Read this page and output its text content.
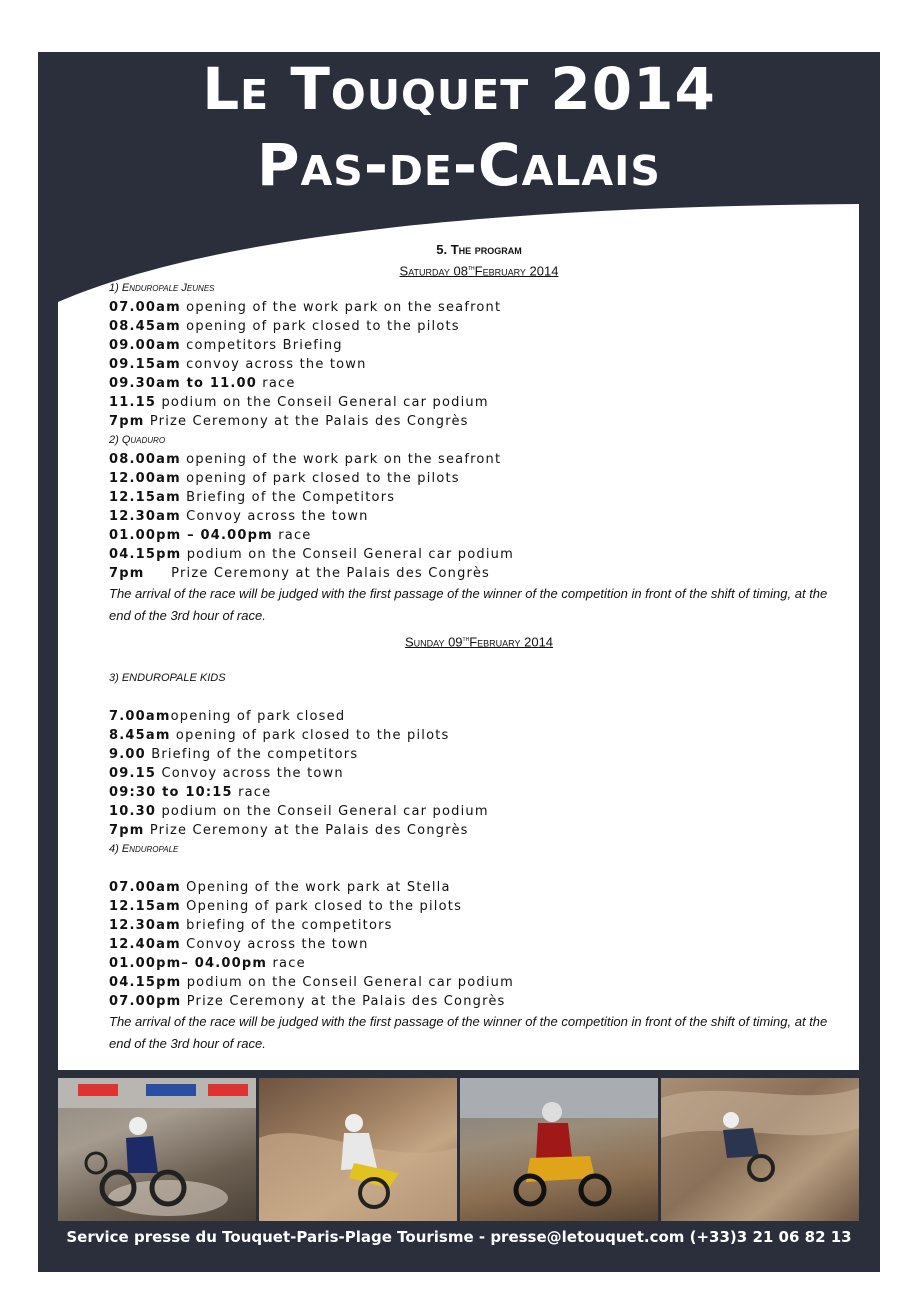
Le Touquet 2014
Pas-de-Calais
5. The program
Saturday 08thFebruary 2014
1) Enduropale Jeunes
07.00am opening of the work park on the seafront
08.45am opening of park closed to the pilots
09.00am competitors Briefing
09.15am convoy across the town
09.30am to 11.00 race
11.15 podium on the Conseil General car podium
7pm Prize Ceremony at the Palais des Congrès
2) Quaduro
08.00am opening of the work park on the seafront
12.00am opening of park closed to the pilots
12.15am Briefing of the Competitors
12.30am Convoy across the town
01.00pm – 04.00pm race
04.15pm podium on the Conseil General car podium
7pm     Prize Ceremony at the Palais des Congrès
The arrival of the race will be judged with the first passage of the winner of the competition in front of the shift of timing, at the end of the 3rd hour of race.
Sunday 09thFebruary 2014
3) ENDUROPALE KIDS
7.00amopening of park closed
8.45am opening of park closed to the pilots
9.00 Briefing of the competitors
09.15 Convoy across the town
09:30 to 10:15 race
10.30 podium on the Conseil General car podium
7pm Prize Ceremony at the Palais des Congrès
4) Enduropale
07.00am Opening of the work park at Stella
12.15am Opening of park closed to the pilots
12.30am briefing of the competitors
12.40am Convoy across the town
01.00pm– 04.00pm race
04.15pm podium on the Conseil General car podium
07.00pm Prize Ceremony at the Palais des Congrès
The arrival of the race will be judged with the first passage of the winner of the competition in front of the shift of timing, at the end of the 3rd hour of race.
Service presse du Touquet-Paris-Plage Tourisme - presse@letouquet.com (+33)3 21 06 82 13
